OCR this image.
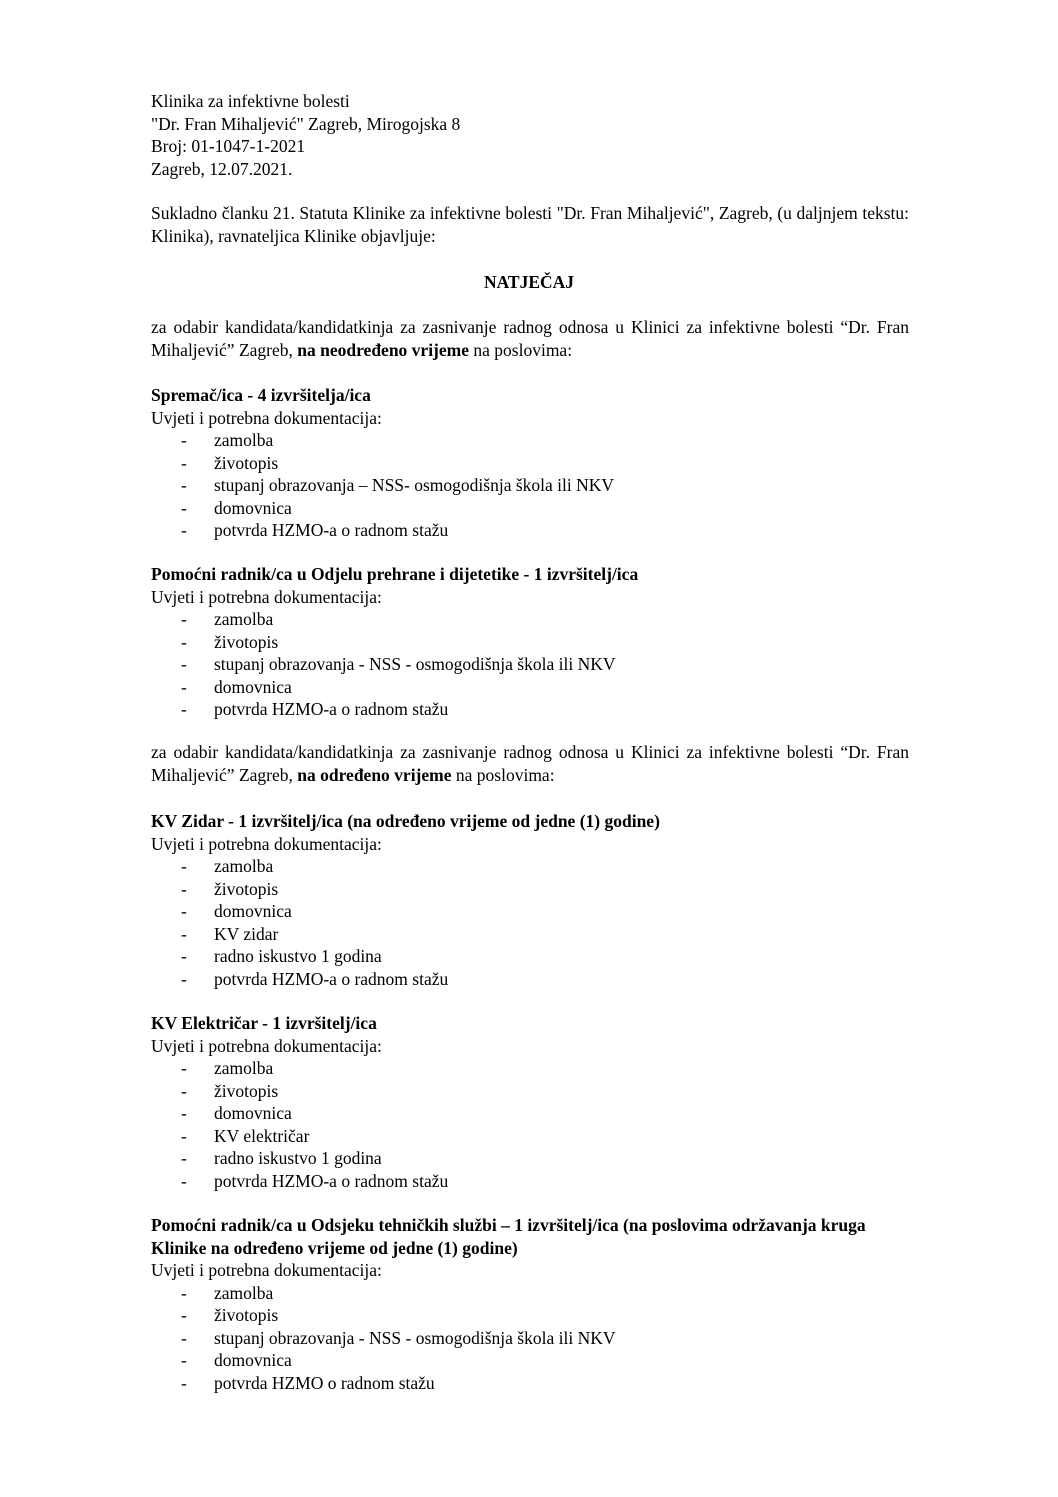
Klinika za infektivne bolesti
"Dr. Fran Mihaljević" Zagreb, Mirogojska 8
Broj: 01-1047-1-2021
Zagreb, 12.07.2021.
Sukladno članku 21. Statuta Klinike za infektivne bolesti "Dr. Fran Mihaljević", Zagreb, (u daljnjem tekstu: Klinika), ravnateljica Klinike objavljuje:
NATJEČAJ
za odabir kandidata/kandidatkinja za zasnivanje radnog odnosa u Klinici za infektivne bolesti “Dr. Fran Mihaljević” Zagreb, na neodređeno vrijeme na poslovima:
Spremač/ica - 4 izvršitelja/ica
Uvjeti i potrebna dokumentacija:
- zamolba
- životopis
- stupanj obrazovanja – NSS- osmogodišnja škola ili NKV
- domovnica
- potvrda HZMO-a o radnom stažu
Pomoćni radnik/ca u Odjelu prehrane i dijetetike - 1 izvršitelj/ica
Uvjeti i potrebna dokumentacija:
- zamolba
- životopis
- stupanj obrazovanja - NSS - osmogodišnja škola ili NKV
- domovnica
- potvrda HZMO-a o radnom stažu
za odabir kandidata/kandidatkinja za zasnivanje radnog odnosa u Klinici za infektivne bolesti “Dr. Fran Mihaljević” Zagreb, na određeno vrijeme na poslovima:
KV Zidar - 1 izvršitelj/ica (na određeno vrijeme od jedne (1) godine)
Uvjeti i potrebna dokumentacija:
- zamolba
- životopis
- domovnica
- KV zidar
- radno iskustvo 1 godina
- potvrda HZMO-a o radnom stažu
KV Električar - 1 izvršitelj/ica
Uvjeti i potrebna dokumentacija:
- zamolba
- životopis
- domovnica
- KV električar
- radno iskustvo 1 godina
- potvrda HZMO-a o radnom stažu
Pomoćni radnik/ca u Odsjeku tehničkih službi – 1 izvršitelj/ica (na poslovima održavanja kruga Klinike na određeno vrijeme od jedne (1) godine)
Uvjeti i potrebna dokumentacija:
- zamolba
- životopis
- stupanj obrazovanja - NSS - osmogodišnja škola ili NKV
- domovnica
- potvrda HZMO o radnom stažu
